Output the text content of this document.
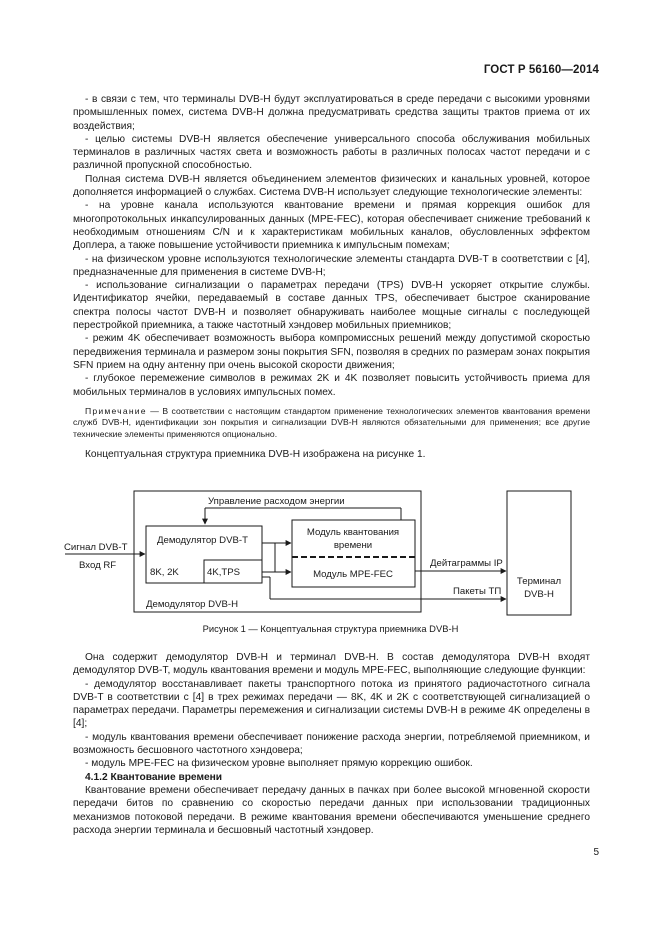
ГОСТ Р 56160—2014

- в связи с тем, что терминалы DVB-H будут эксплуатироваться в среде передачи с высокими уровнями промышленных помех, система DVB-H должна предусматривать средства защиты трактов приема от их воздействия;

- целью системы DVB-H является обеспечение универсального способа обслуживания мобильных терминалов в различных частях света и возможность работы в различных полосах частот передачи и с различной пропускной способностью.

Полная система DVB-H является объединением элементов физических и канальных уровней, которое дополняется информацией о службах. Система DVB-H использует следующие технологические элементы:

- на уровне канала используются квантование времени и прямая коррекция ошибок для многопротокольных инкапсулированных данных (MPE-FEC), которая обеспечивает снижение требований к необходимым отношениям C/N и к характеристикам мобильных каналов, обусловленных эффектом Доплера, а также повышение устойчивости приемника к импульсным помехам;

- на физическом уровне используются технологические элементы стандарта DVB-T в соответствии с [4], предназначенные для применения в системе DVB-H;

- использование сигнализации о параметрах передачи (TPS) DVB-H ускоряет открытие службы. Идентификатор ячейки, передаваемый в составе данных TPS, обеспечивает быстрое сканирование спектра полосы частот DVB-H и позволяет обнаруживать наиболее мощные сигналы с последующей перестройкой приемника, а также частотный хэндовер мобильных приемников;

- режим 4K обеспечивает возможность выбора компромиссных решений между допустимой скоростью передвижения терминала и размером зоны покрытия SFN, позволяя в средних по размерам зонах покрытия SFN прием на одну антенну при очень высокой скорости движения;

- глубокое перемежение символов в режимах 2K и 4K позволяет повысить устойчивость приема для мобильных терминалов в условиях импульсных помех.

Примечание — В соответствии с настоящим стандартом применение технологических элементов квантования времени служб DVB-H, идентификации зон покрытия и сигнализации DVB-H являются обязательными для применения; все другие технические элементы применяются опционально.

Концептуальная структура приемника DVB-H изображена на рисунке 1.

Управление расходом энергии
Демодулятор DVB-T
8K, 2K	4K,TPS
Модуль квантования
времени
Модуль MPE-FEC
Демодулятор DVB-H
Сигнал DVB-T
Вход RF	Дейтаграммы IP
Пакеты ТП
Терминал
DVB-H
Рисунок 1 — Концептуальная структура приемника DVB-H

Она содержит демодулятор DVB-H и терминал DVB-H. В состав демодулятора DVB-H входят демодулятор DVB-T, модуль квантования времени и модуль MPE-FEC, выполняющие следующие функции:

- демодулятор восстанавливает пакеты транспортного потока из принятого радиочастотного сигнала DVB-T в соответствии с [4] в трех режимах передачи — 8K, 4K и 2K с соответствующей сигнализацией о параметрах передачи. Параметры перемежения и сигнализации системы DVB-H в режиме 4K определены в [4];

- модуль квантования времени обеспечивает понижение расхода энергии, потребляемой приемником, и возможность бесшовного частотного хэндовера;

- модуль MPE-FEC на физическом уровне выполняет прямую коррекцию ошибок.

4.1.2 Квантование времени

Квантование времени обеспечивает передачу данных в пачках при более высокой мгновенной скорости передачи битов по сравнению со скоростью передачи данных при использовании традиционных механизмов потоковой передачи. В режиме квантования времени обеспечиваются уменьшение среднего расхода энергии терминала и бесшовный частотный хэндовер.

5
